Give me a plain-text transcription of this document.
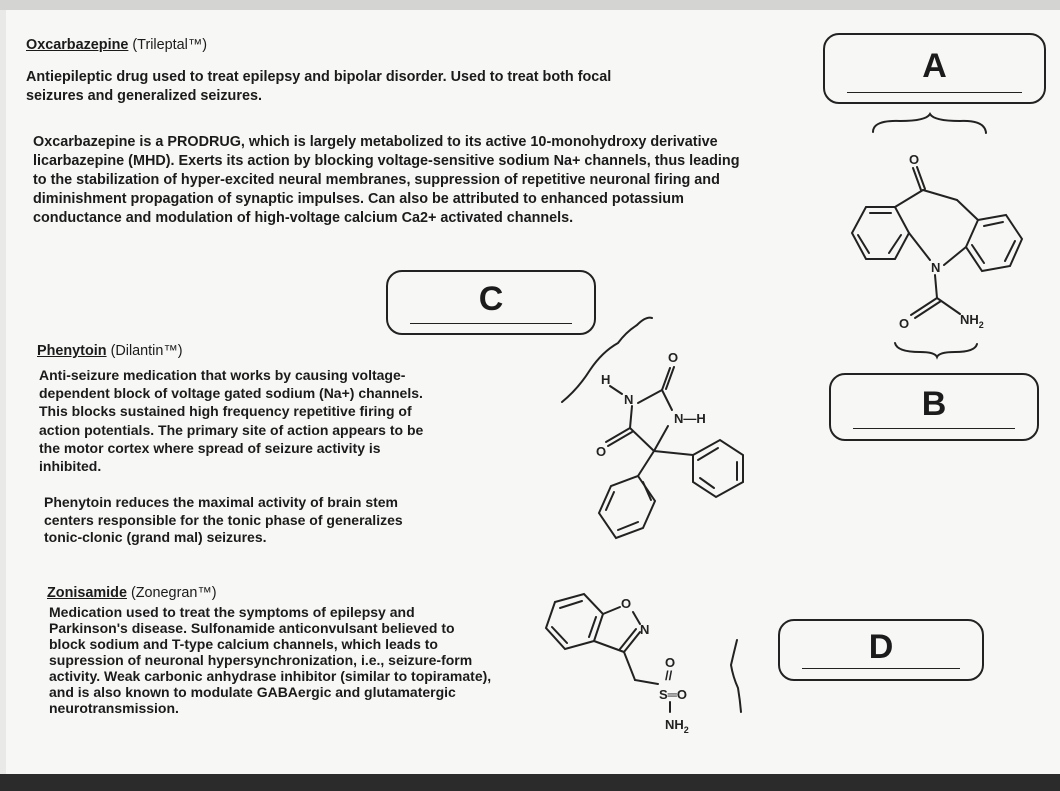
Oxcarbazepine (Trileptal™)

Antiepileptic drug used to treat epilepsy and bipolar disorder. Used to treat both focal seizures and generalized seizures.

Oxcarbazepine is a PRODRUG, which is largely metabolized to its active 10-monohydroxy derivative licarbazepine (MHD). Exerts its action by blocking voltage-sensitive sodium Na+ channels, thus leading to the stabilization of hyper-excited neural membranes, suppression of repetitive neuronal firing and diminishment propagation of synaptic impulses. Can also be attributed to enhanced potassium conductance and modulation of high-voltage calcium Ca2+ activated channels.

Phenytoin (Dilantin™)

Anti-seizure medication that works by causing voltage-dependent block of voltage gated sodium (Na+) channels. This blocks sustained high frequency repetitive firing of action potentials. The primary site of action appears to be the motor cortex where spread of seizure activity is inhibited.

Phenytoin reduces the maximal activity of brain stem centers responsible for the tonic phase of generalizes tonic-clonic (grand mal) seizures.

Zonisamide (Zonegran™)

Medication used to treat the symptoms of epilepsy and Parkinson's disease. Sulfonamide anticonvulsant believed to block sodium and T-type calcium channels, which leads to supression of neuronal hypersynchronization, i.e., seizure-form activity. Weak carbonic anhydrase inhibitor (similar to topiramate), and is also known to modulate GABAergic and glutamatergic neurotransmission.

A
B
C
D
O
N
O	$NH_2$
H
N
O
N—H
O
O
N
O
//
S═O
$NH_2$
